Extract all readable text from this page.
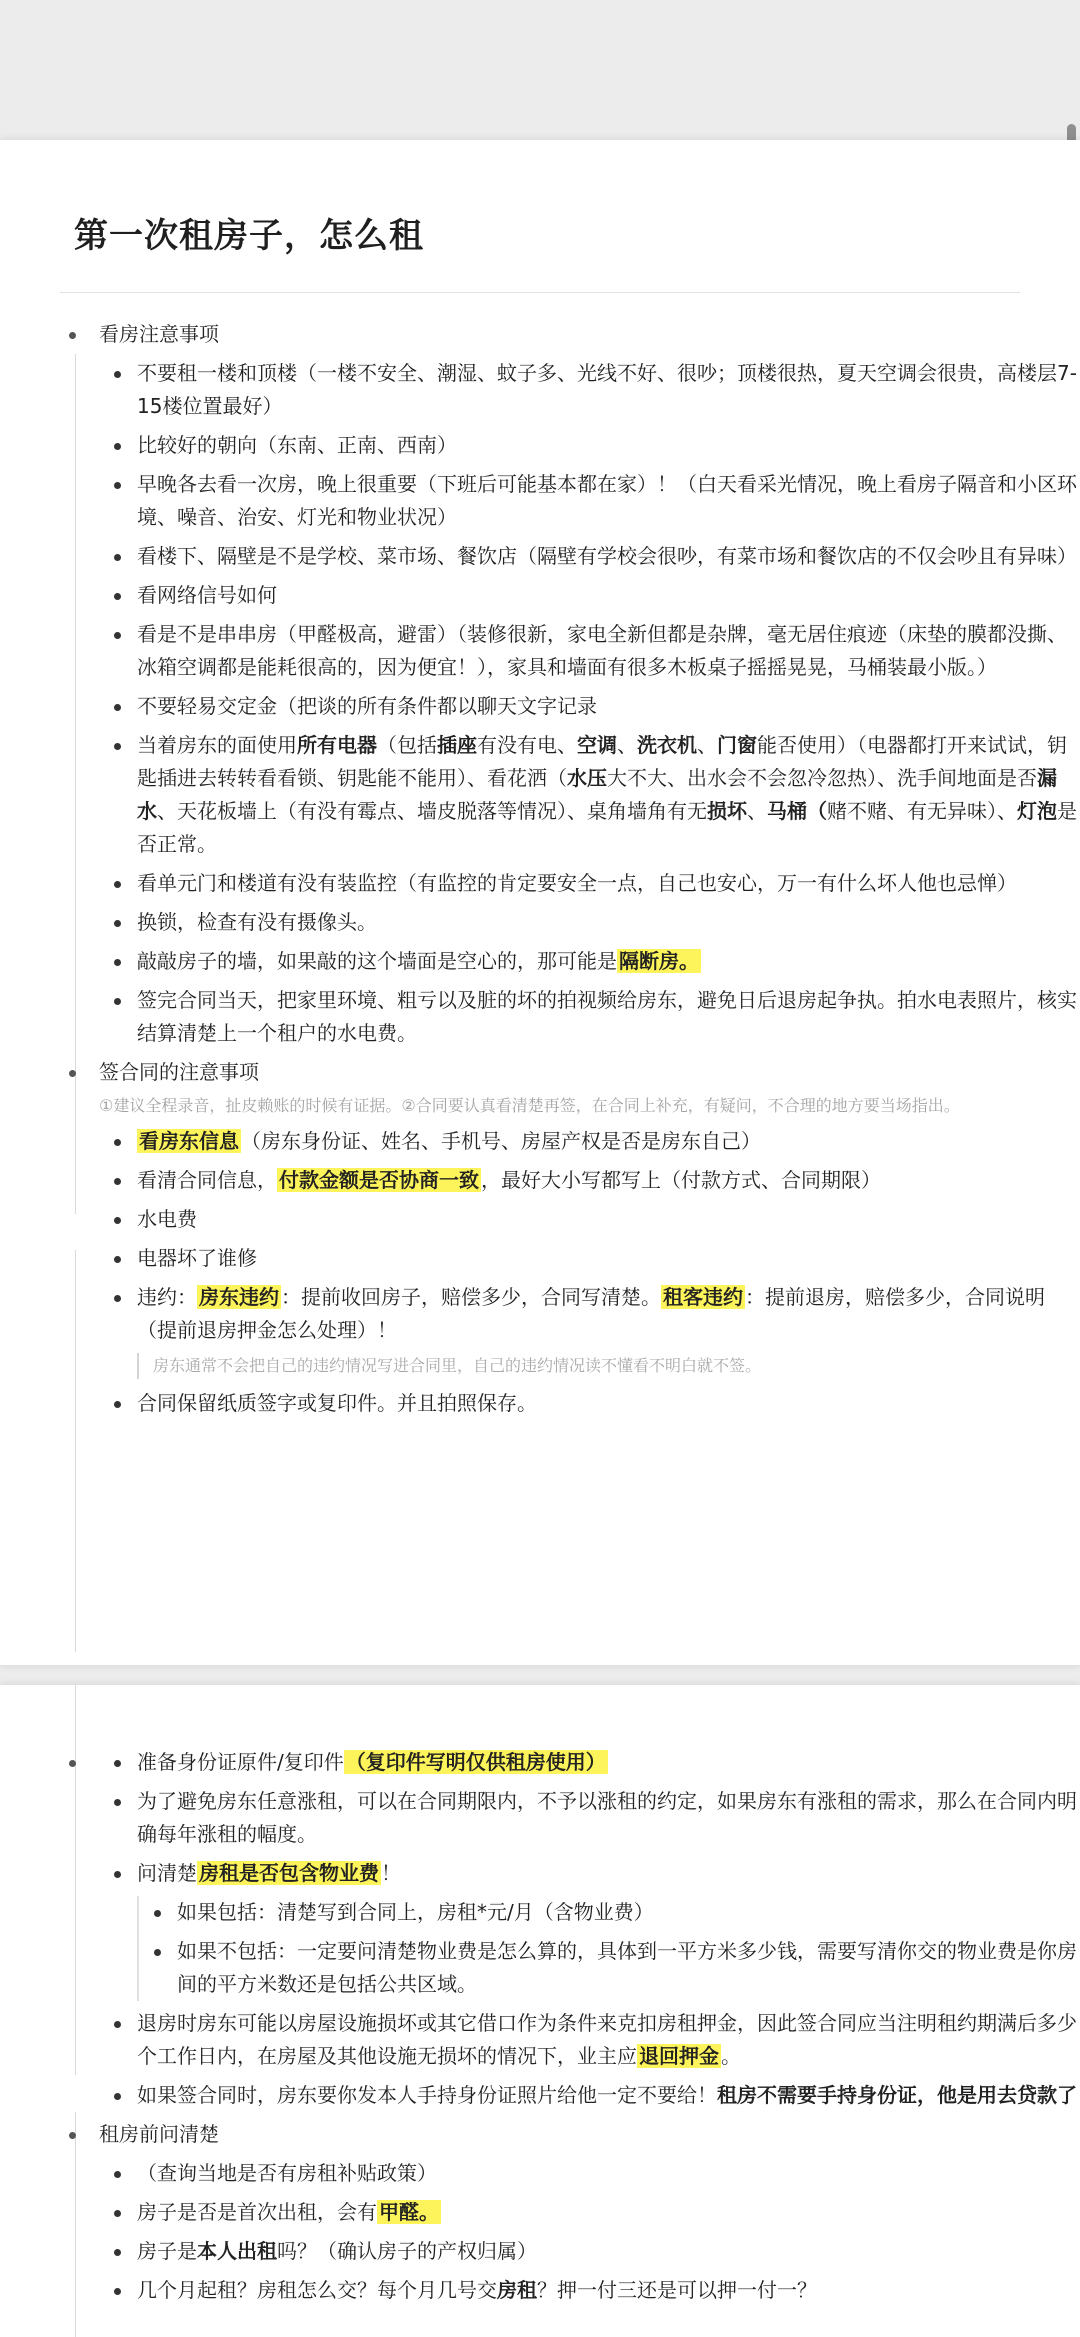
第一次租房子，怎么租
看房注意事项
不要租一楼和顶楼（一楼不安全、潮湿、蚊子多、光线不好、很吵；顶楼很热，夏天空调会很贵，高楼层7-15楼位置最好）
比较好的朝向（东南、正南、西南）
早晚各去看一次房，晚上很重要（下班后可能基本都在家）！（白天看采光情况，晚上看房子隔音和小区环境、噪音、治安、灯光和物业状况）
看楼下、隔壁是不是学校、菜市场、餐饮店（隔壁有学校会很吵，有菜市场和餐饮店的不仅会吵且有异味）
看网络信号如何
看是不是串串房（甲醛极高，避雷）（装修很新，家电全新但都是杂牌，毫无居住痕迹（床垫的膜都没撕、冰箱空调都是能耗很高的，因为便宜！），家具和墙面有很多木板桌子摇摇晃晃，马桶装最小版。）
不要轻易交定金（把谈的所有条件都以聊天文字记录
当着房东的面使用所有电器（包括插座有没有电、空调、洗衣机、门窗能否使用）（电器都打开来试试，钥匙插进去转转看看锁、钥匙能不能用）、看花洒（水压大不大、出水会不会忽冷忽热）、洗手间地面是否漏水、天花板墙上（有没有霉点、墙皮脱落等情况）、桌角墙角有无损坏、马桶（赌不赌、有无异味）、灯泡是否正常。
看单元门和楼道有没有装监控（有监控的肯定要安全一点，自己也安心，万一有什么坏人他也忌惮）
换锁，检查有没有摄像头。
敲敲房子的墙，如果敲的这个墙面是空心的，那可能是 隔断房。
签完合同当天，把家里环境、粗亏以及脏的坏的拍视频给房东，避免日后退房起争执。拍水电表照片，核实结算清楚上一个租户的水电费。
签合同的注意事项
①建议全程录音，扯皮赖账的时候有证据。②合同要认真看清楚再签，在合同上补充，有疑问，不合理的地方要当场指出。
看房东信息 （房东身份证、姓名、手机号、房屋产权是否是房东自己）
看清合同信息， 付款金额是否协商一致 ，最好大小写都写上（付款方式、合同期限）
水电费
电器坏了谁修
违约： 房东违约 ：提前收回房子，赔偿多少，合同写清楚。 租客违约 ：提前退房，赔偿多少，合同说明（提前退房押金怎么处理）！
房东通常不会把自己的违约情况写进合同里，自己的违约情况读不懂看不明白就不签。
合同保留纸质签字或复印件。并且拍照保存。
准备身份证原件/复印件 （复印件写明仅供租房使用）
为了避免房东任意涨租，可以在合同期限内，不予以涨租的约定，如果房东有涨租的需求，那么在合同内明确每年涨租的幅度。
问清楚 房租是否包含物业费 ！
如果包括：清楚写到合同上，房租*元/月（含物业费）
如果不包括：一定要问清楚物业费是怎么算的，具体到一平方米多少钱，需要写清你交的物业费是你房间的平方米数还是包括公共区域。
退房时房东可能以房屋设施损坏或其它借口作为条件来克扣房租押金，因此签合同应当注明租约期满后多少个工作日内，在房屋及其他设施无损坏的情况下，业主应 退回押金 。
如果签合同时，房东要你发本人手持身份证照片给他一定不要给！租房不需要手持身份证，他是用去贷款了
租房前问清楚
（查询当地是否有房租补贴政策）
房子是否是首次出租，会有 甲醛。
房子是本人出租吗？（确认房子的产权归属）
几个月起租？房租怎么交？每个月几号交房租？押一付三还是可以押一付一？
